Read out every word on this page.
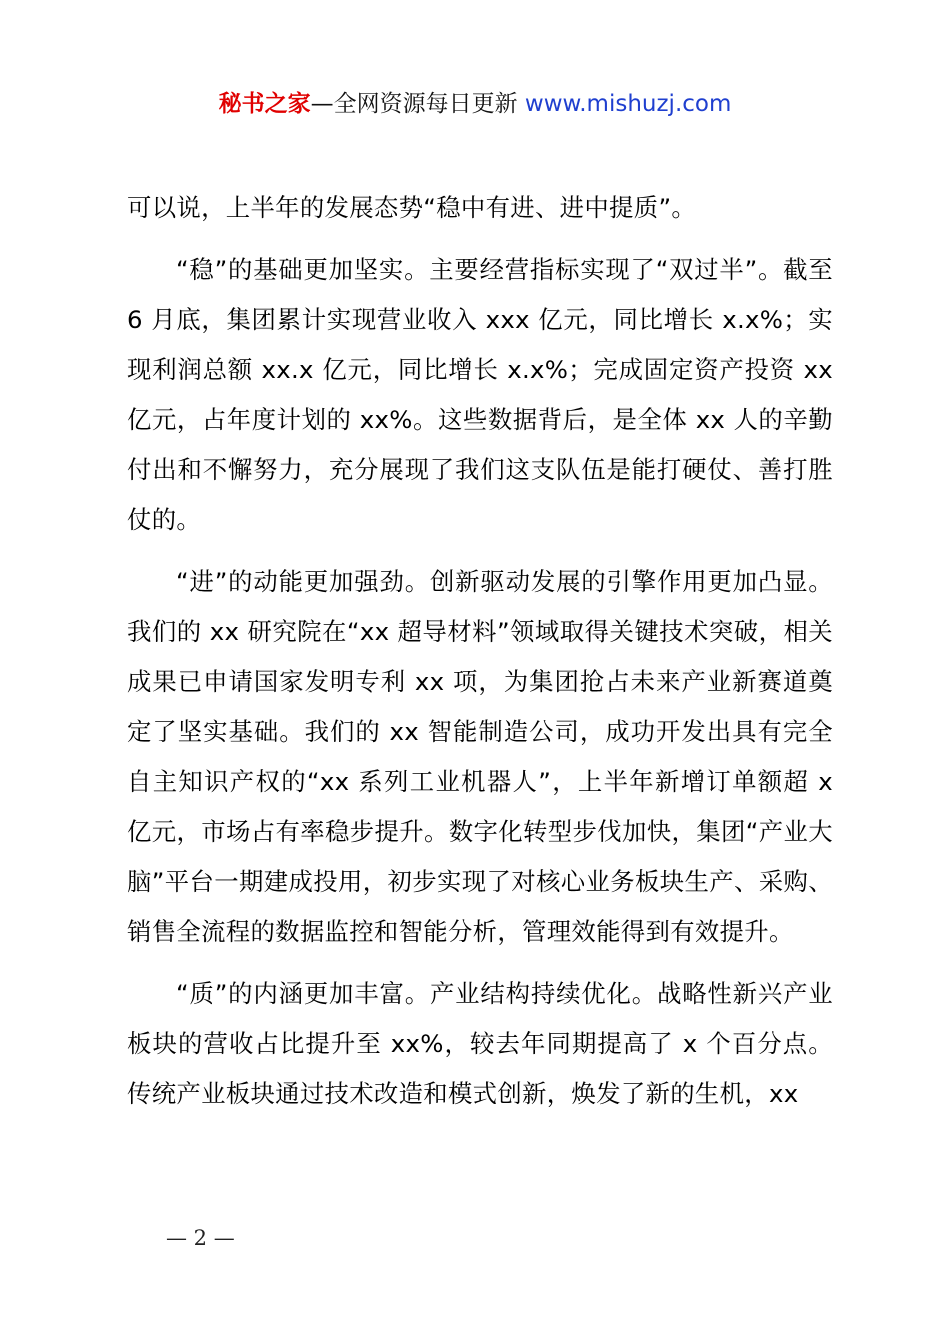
秘书之家—全网资源每日更新 www.mishuzj.com

可以说，上半年的发展态势“稳中有进、进中提质”。

“稳”的基础更加坚实。主要经营指标实现了“双过半”。截至 6 月底，集团累计实现营业收入 xxx 亿元，同比增长 x.x%；实现利润总额 xx.x 亿元，同比增长 x.x%；完成固定资产投资 xx 亿元，占年度计划的 xx%。这些数据背后，是全体 xx 人的辛勤付出和不懈努力，充分展现了我们这支队伍是能打硬仗、善打胜仗的。

“进”的动能更加强劲。创新驱动发展的引擎作用更加凸显。我们的 xx 研究院在“xx 超导材料”领域取得关键技术突破，相关成果已申请国家发明专利 xx 项，为集团抢占未来产业新赛道奠定了坚实基础。我们的 xx 智能制造公司，成功开发出具有完全自主知识产权的“xx 系列工业机器人”，上半年新增订单额超 x 亿元，市场占有率稳步提升。数字化转型步伐加快，集团“产业大脑”平台一期建成投用，初步实现了对核心业务板块生产、采购、销售全流程的数据监控和智能分析，管理效能得到有效提升。

“质”的内涵更加丰富。产业结构持续优化。战略性新兴产业板块的营收占比提升至 xx%，较去年同期提高了 x 个百分点。传统产业板块通过技术改造和模式创新，焕发了新的生机，xx

— 2 —
